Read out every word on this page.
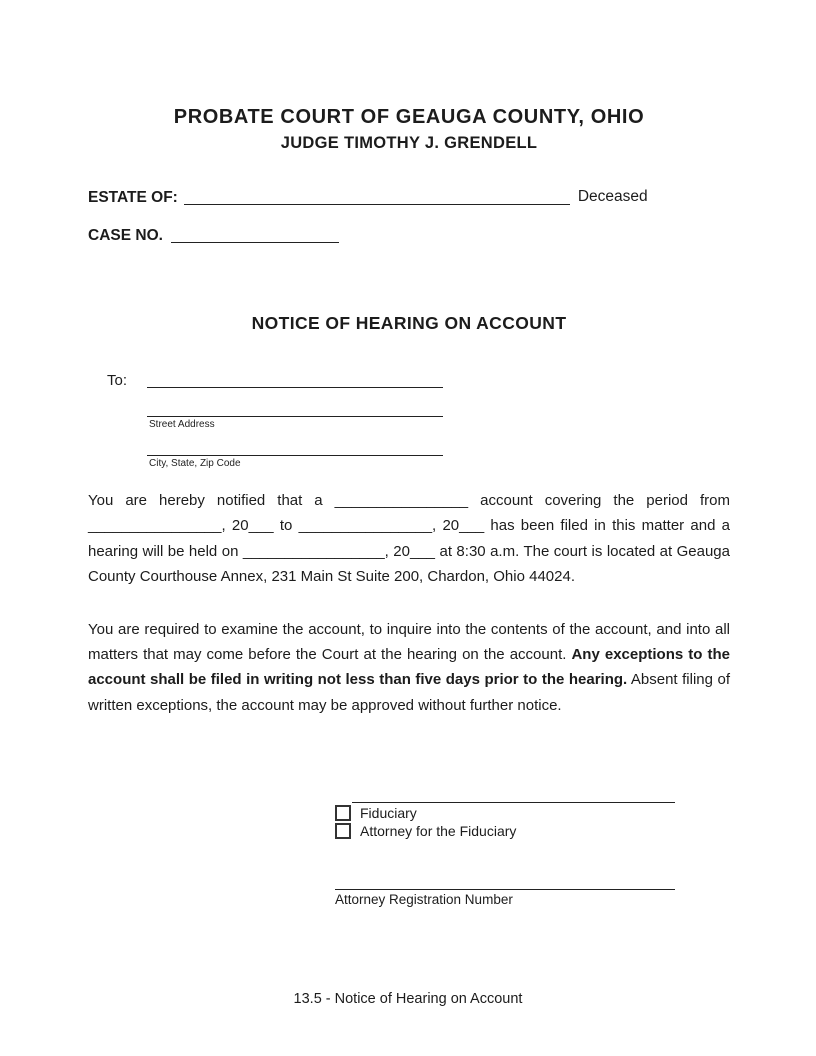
PROBATE COURT OF GEAUGA COUNTY, OHIO
JUDGE TIMOTHY J. GRENDELL
ESTATE OF:	Deceased
CASE NO.
NOTICE OF HEARING ON ACCOUNT
To:
Street Address
City, State, Zip Code

You are hereby notified that a ________________ account covering the period from ________________, 20___ to ________________, 20___ has been filed in this matter and a hearing will be held on _________________, 20___ at 8:30 a.m. The court is located at Geauga County Courthouse Annex, 231 Main St Suite 200, Chardon, Ohio 44024.

You are required to examine the account, to inquire into the contents of the account, and into all matters that may come before the Court at the hearing on the account. Any exceptions to the account shall be filed in writing not less than five days prior to the hearing. Absent filing of written exceptions, the account may be approved without further notice.

Fiduciary
Attorney for the Fiduciary
Attorney Registration Number
13.5 - Notice of Hearing on Account
